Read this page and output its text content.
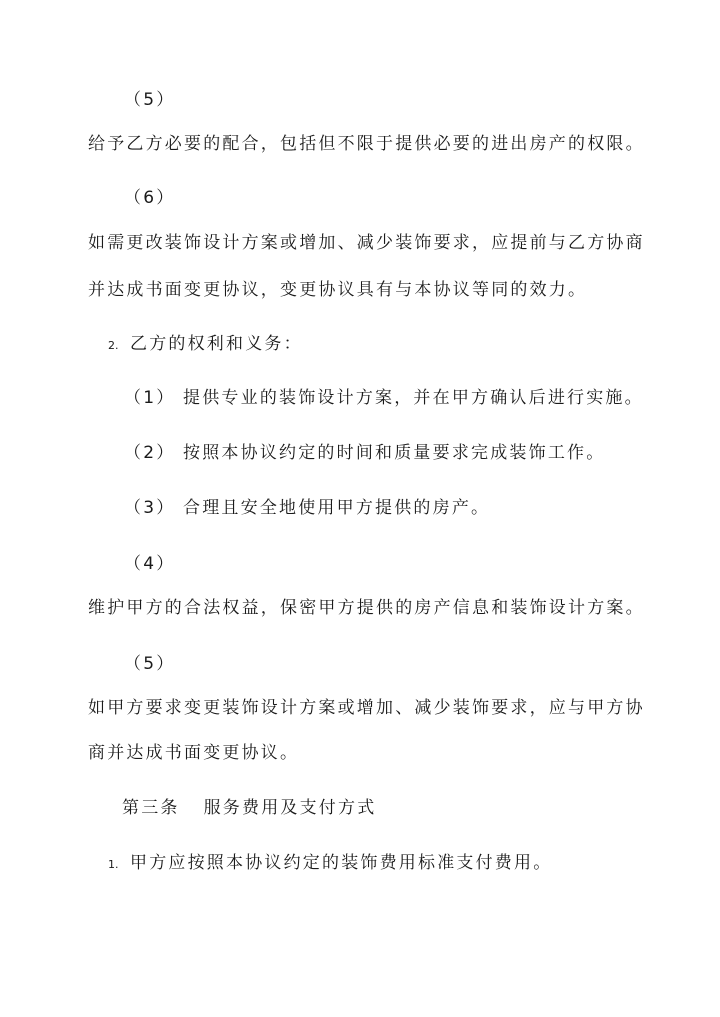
（5）
给予乙方必要的配合，包括但不限于提供必要的进出房产的权限。
（6）
如需更改装饰设计方案或增加、减少装饰要求，应提前与乙方协商
并达成书面变更协议，变更协议具有与本协议等同的效力。
2. 乙方的权利和义务：
（1） 提供专业的装饰设计方案，并在甲方确认后进行实施。
（2） 按照本协议约定的时间和质量要求完成装饰工作。
（3） 合理且安全地使用甲方提供的房产。
（4）
维护甲方的合法权益，保密甲方提供的房产信息和装饰设计方案。
（5）
如甲方要求变更装饰设计方案或增加、减少装饰要求，应与甲方协
商并达成书面变更协议。
第三条 服务费用及支付方式
1. 甲方应按照本协议约定的装饰费用标准支付费用。
